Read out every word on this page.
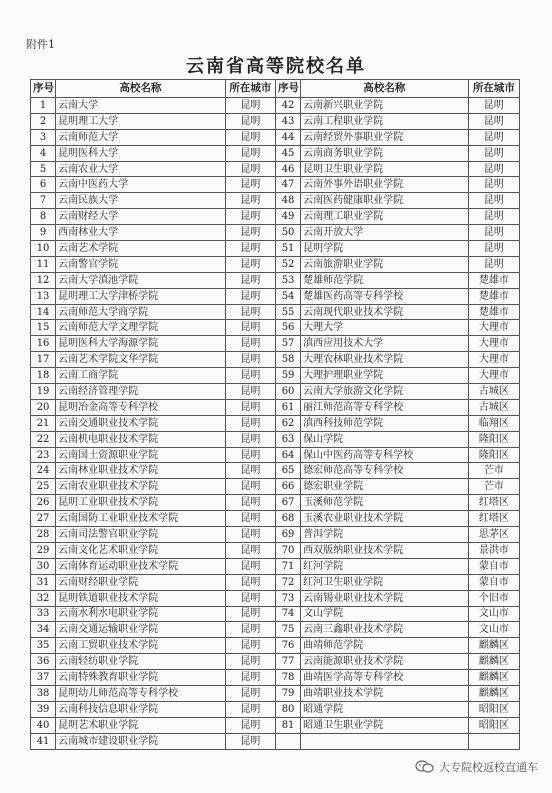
附件1
云南省高等院校名单
序号	高校名称	所在城市	序号	高校名称	所在城市
1	云南大学	昆明	42	云南新兴职业学院	昆明
2	昆明理工大学	昆明	43	云南工程职业学院	昆明
3	云南师范大学	昆明	44	云南经贸外事职业学院	昆明
4	昆明医科大学	昆明	45	云南商务职业学院	昆明
5	云南农业大学	昆明	46	昆明卫生职业学院	昆明
6	云南中医药大学	昆明	47	云南外事外语职业学院	昆明
7	云南民族大学	昆明	48	云南医药健康职业学院	昆明
8	云南财经大学	昆明	49	云南理工职业学院	昆明
9	西南林业大学	昆明	50	云南开放大学	昆明
10	云南艺术学院	昆明	51	昆明学院	昆明
11	云南警官学院	昆明	52	云南旅游职业学院	昆明
12	云南大学滇池学院	昆明	53	楚雄师范学院	楚雄市
13	昆明理工大学津桥学院	昆明	54	楚雄医药高等专科学校	楚雄市
14	云南师范大学商学院	昆明	55	云南现代职业技术学院	楚雄市
15	云南师范大学文理学院	昆明	56	大理大学	大理市
16	昆明医科大学海源学院	昆明	57	滇西应用技术大学	大理市
17	云南艺术学院文华学院	昆明	58	大理农林职业技术学院	大理市
18	云南工商学院	昆明	59	大理护理职业学院	大理市
19	云南经济管理学院	昆明	60	云南大学旅游文化学院	古城区
20	昆明冶金高等专科学校	昆明	61	丽江师范高等专科学校	古城区
21	云南交通职业技术学院	昆明	62	滇西科技师范学院	临翔区
22	云南机电职业技术学院	昆明	63	保山学院	隆阳区
23	云南国土资源职业学院	昆明	64	保山中医药高等专科学校	隆阳区
24	云南林业职业技术学院	昆明	65	德宏师范高等专科学校	芒市
25	云南农业职业技术学院	昆明	66	德宏职业学院	芒市
26	昆明工业职业技术学院	昆明	67	玉溪师范学院	红塔区
27	云南国防工业职业技术学院	昆明	68	玉溪农业职业技术学院	红塔区
28	云南司法警官职业学院	昆明	69	普洱学院	思茅区
29	云南文化艺术职业学院	昆明	70	西双版纳职业技术学院	景洪市
30	云南体育运动职业技术学院	昆明	71	红河学院	蒙自市
31	云南财经职业学院	昆明	72	红河卫生职业学院	蒙自市
32	昆明铁道职业技术学院	昆明	73	云南锡业职业技术学院	个旧市
33	云南水利水电职业学院	昆明	74	文山学院	文山市
34	云南交通运输职业学院	昆明	75	云南三鑫职业技术学院	文山市
35	云南工贸职业技术学院	昆明	76	曲靖师范学院	麒麟区
36	云南轻纺职业学院	昆明	77	云南能源职业技术学院	麒麟区
37	云南特殊教育职业学院	昆明	78	曲靖医学高等专科学校	麒麟区
38	昆明幼儿师范高等专科学校	昆明	79	曲靖职业技术学院	麒麟区
39	云南科技信息职业学院	昆明	80	昭通学院	昭阳区
40	昆明艺术职业学院	昆明	81	昭通卫生职业学院	昭阳区
41	云南城市建设职业学院	昆明			
大专院校返校直通车
